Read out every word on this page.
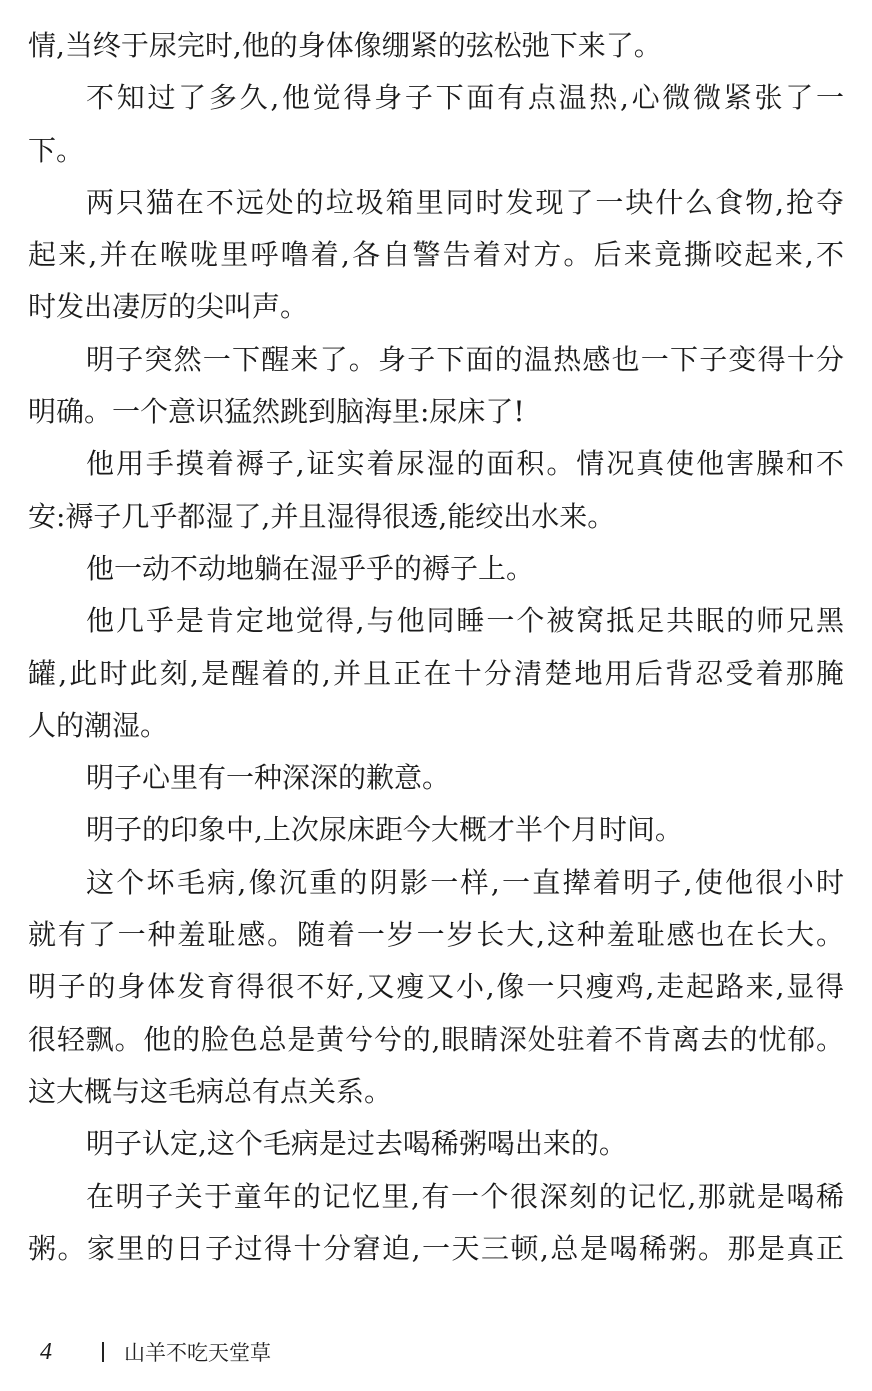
情,当终于尿完时,他的身体像绷紧的弦松弛下来了。
不知过了多久,他觉得身子下面有点温热,心微微紧张了一
下。
两只猫在不远处的垃圾箱里同时发现了一块什么食物,抢夺
起来,并在喉咙里呼噜着,各自警告着对方。后来竟撕咬起来,不
时发出凄厉的尖叫声。
明子突然一下醒来了。身子下面的温热感也一下子变得十分
明确。一个意识猛然跳到脑海里:尿床了!
他用手摸着褥子,证实着尿湿的面积。情况真使他害臊和不
安:褥子几乎都湿了,并且湿得很透,能绞出水来。
他一动不动地躺在湿乎乎的褥子上。
他几乎是肯定地觉得,与他同睡一个被窝抵足共眠的师兄黑
罐,此时此刻,是醒着的,并且正在十分清楚地用后背忍受着那腌
人的潮湿。
明子心里有一种深深的歉意。
明子的印象中,上次尿床距今大概才半个月时间。
这个坏毛病,像沉重的阴影一样,一直撵着明子,使他很小时
就有了一种羞耻感。随着一岁一岁长大,这种羞耻感也在长大。
明子的身体发育得很不好,又瘦又小,像一只瘦鸡,走起路来,显得
很轻飘。他的脸色总是黄兮兮的,眼睛深处驻着不肯离去的忧郁。
这大概与这毛病总有点关系。
明子认定,这个毛病是过去喝稀粥喝出来的。
在明子关于童年的记忆里,有一个很深刻的记忆,那就是喝稀
粥。家里的日子过得十分窘迫,一天三顿,总是喝稀粥。那是真正
4	山羊不吃天堂草
